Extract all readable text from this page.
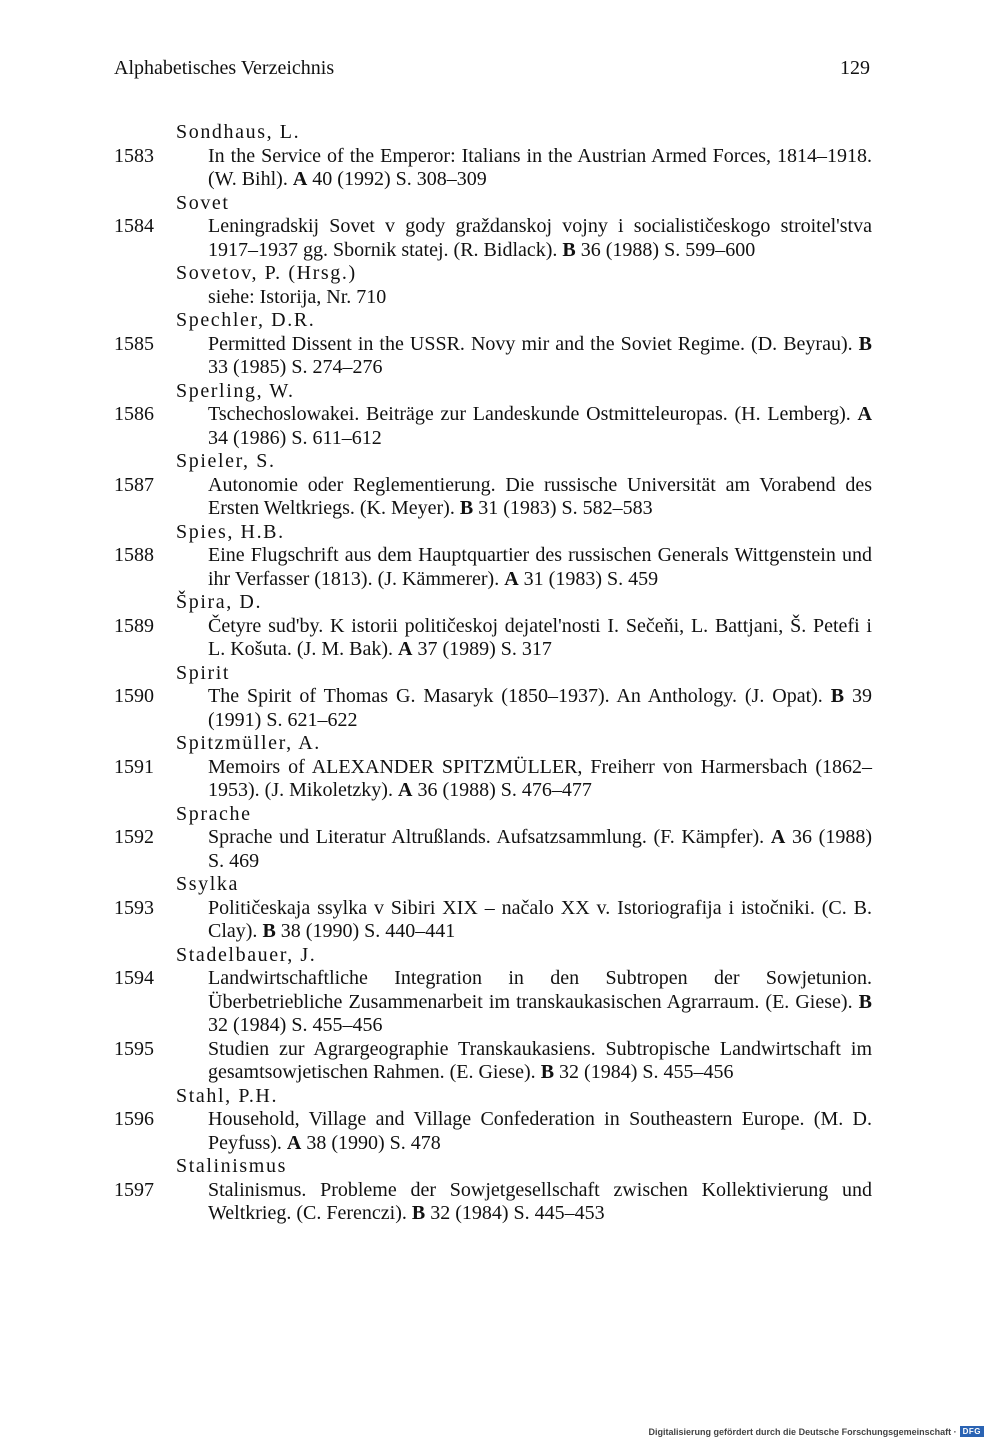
Alphabetisches Verzeichnis	129
Sondhaus, L.
1583	In the Service of the Emperor: Italians in the Austrian Armed Forces, 1814–1918. (W. Bihl). A 40 (1992) S. 308–309
Sovet
1584	Leningradskij Sovet v gody graždanskoj vojny i socialističeskogo stroitel'stva 1917–1937 gg. Sbornik statej. (R. Bidlack). B 36 (1988) S. 599–600
Sovetov, P. (Hrsg.)
siehe: Istorija, Nr. 710
Spechler, D.R.
1585	Permitted Dissent in the USSR. Novy mir and the Soviet Regime. (D. Beyrau). B 33 (1985) S. 274–276
Sperling, W.
1586	Tschechoslowakei. Beiträge zur Landeskunde Ostmitteleuropas. (H. Lemberg). A 34 (1986) S. 611–612
Spieler, S.
1587	Autonomie oder Reglementierung. Die russische Universität am Vorabend des Ersten Weltkriegs. (K. Meyer). B 31 (1983) S. 582–583
Spies, H.B.
1588	Eine Flugschrift aus dem Hauptquartier des russischen Generals Wittgenstein und ihr Verfasser (1813). (J. Kämmerer). A 31 (1983) S. 459
Špira, D.
1589	Četyre sud'by. K istorii političeskoj dejatel'nosti I. Sečeňi, L. Battjani, Š. Petefi i L. Košuta. (J. M. Bak). A 37 (1989) S. 317
Spirit
1590	The Spirit of Thomas G. Masaryk (1850–1937). An Anthology. (J. Opat). B 39 (1991) S. 621–622
Spitzmüller, A.
1591	Memoirs of ALEXANDER SPITZMÜLLER, Freiherr von Harmersbach (1862–1953). (J. Mikoletzky). A 36 (1988) S. 476–477
Sprache
1592	Sprache und Literatur Altrußlands. Aufsatzsammlung. (F. Kämpfer). A 36 (1988) S. 469
Ssylka
1593	Političeskaja ssylka v Sibiri XIX – načalo XX v. Istoriografija i istočniki. (C. B. Clay). B 38 (1990) S. 440–441
Stadelbauer, J.
1594	Landwirtschaftliche Integration in den Subtropen der Sowjetunion. Überbetriebliche Zusammenarbeit im transkaukasischen Agrarraum. (E. Giese). B 32 (1984) S. 455–456
1595	Studien zur Agrargeographie Transkaukasiens. Subtropische Landwirtschaft im gesamtsowjetischen Rahmen. (E. Giese). B 32 (1984) S. 455–456
Stahl, P.H.
1596	Household, Village and Village Confederation in Southeastern Europe. (M. D. Peyfuss). A 38 (1990) S. 478
Stalinismus
1597	Stalinismus. Probleme der Sowjetgesellschaft zwischen Kollektivierung und Weltkrieg. (C. Ferenczi). B 32 (1984) S. 445–453
Digitalisierung gefördert durch die Deutsche Forschungsgemeinschaft · DFG
